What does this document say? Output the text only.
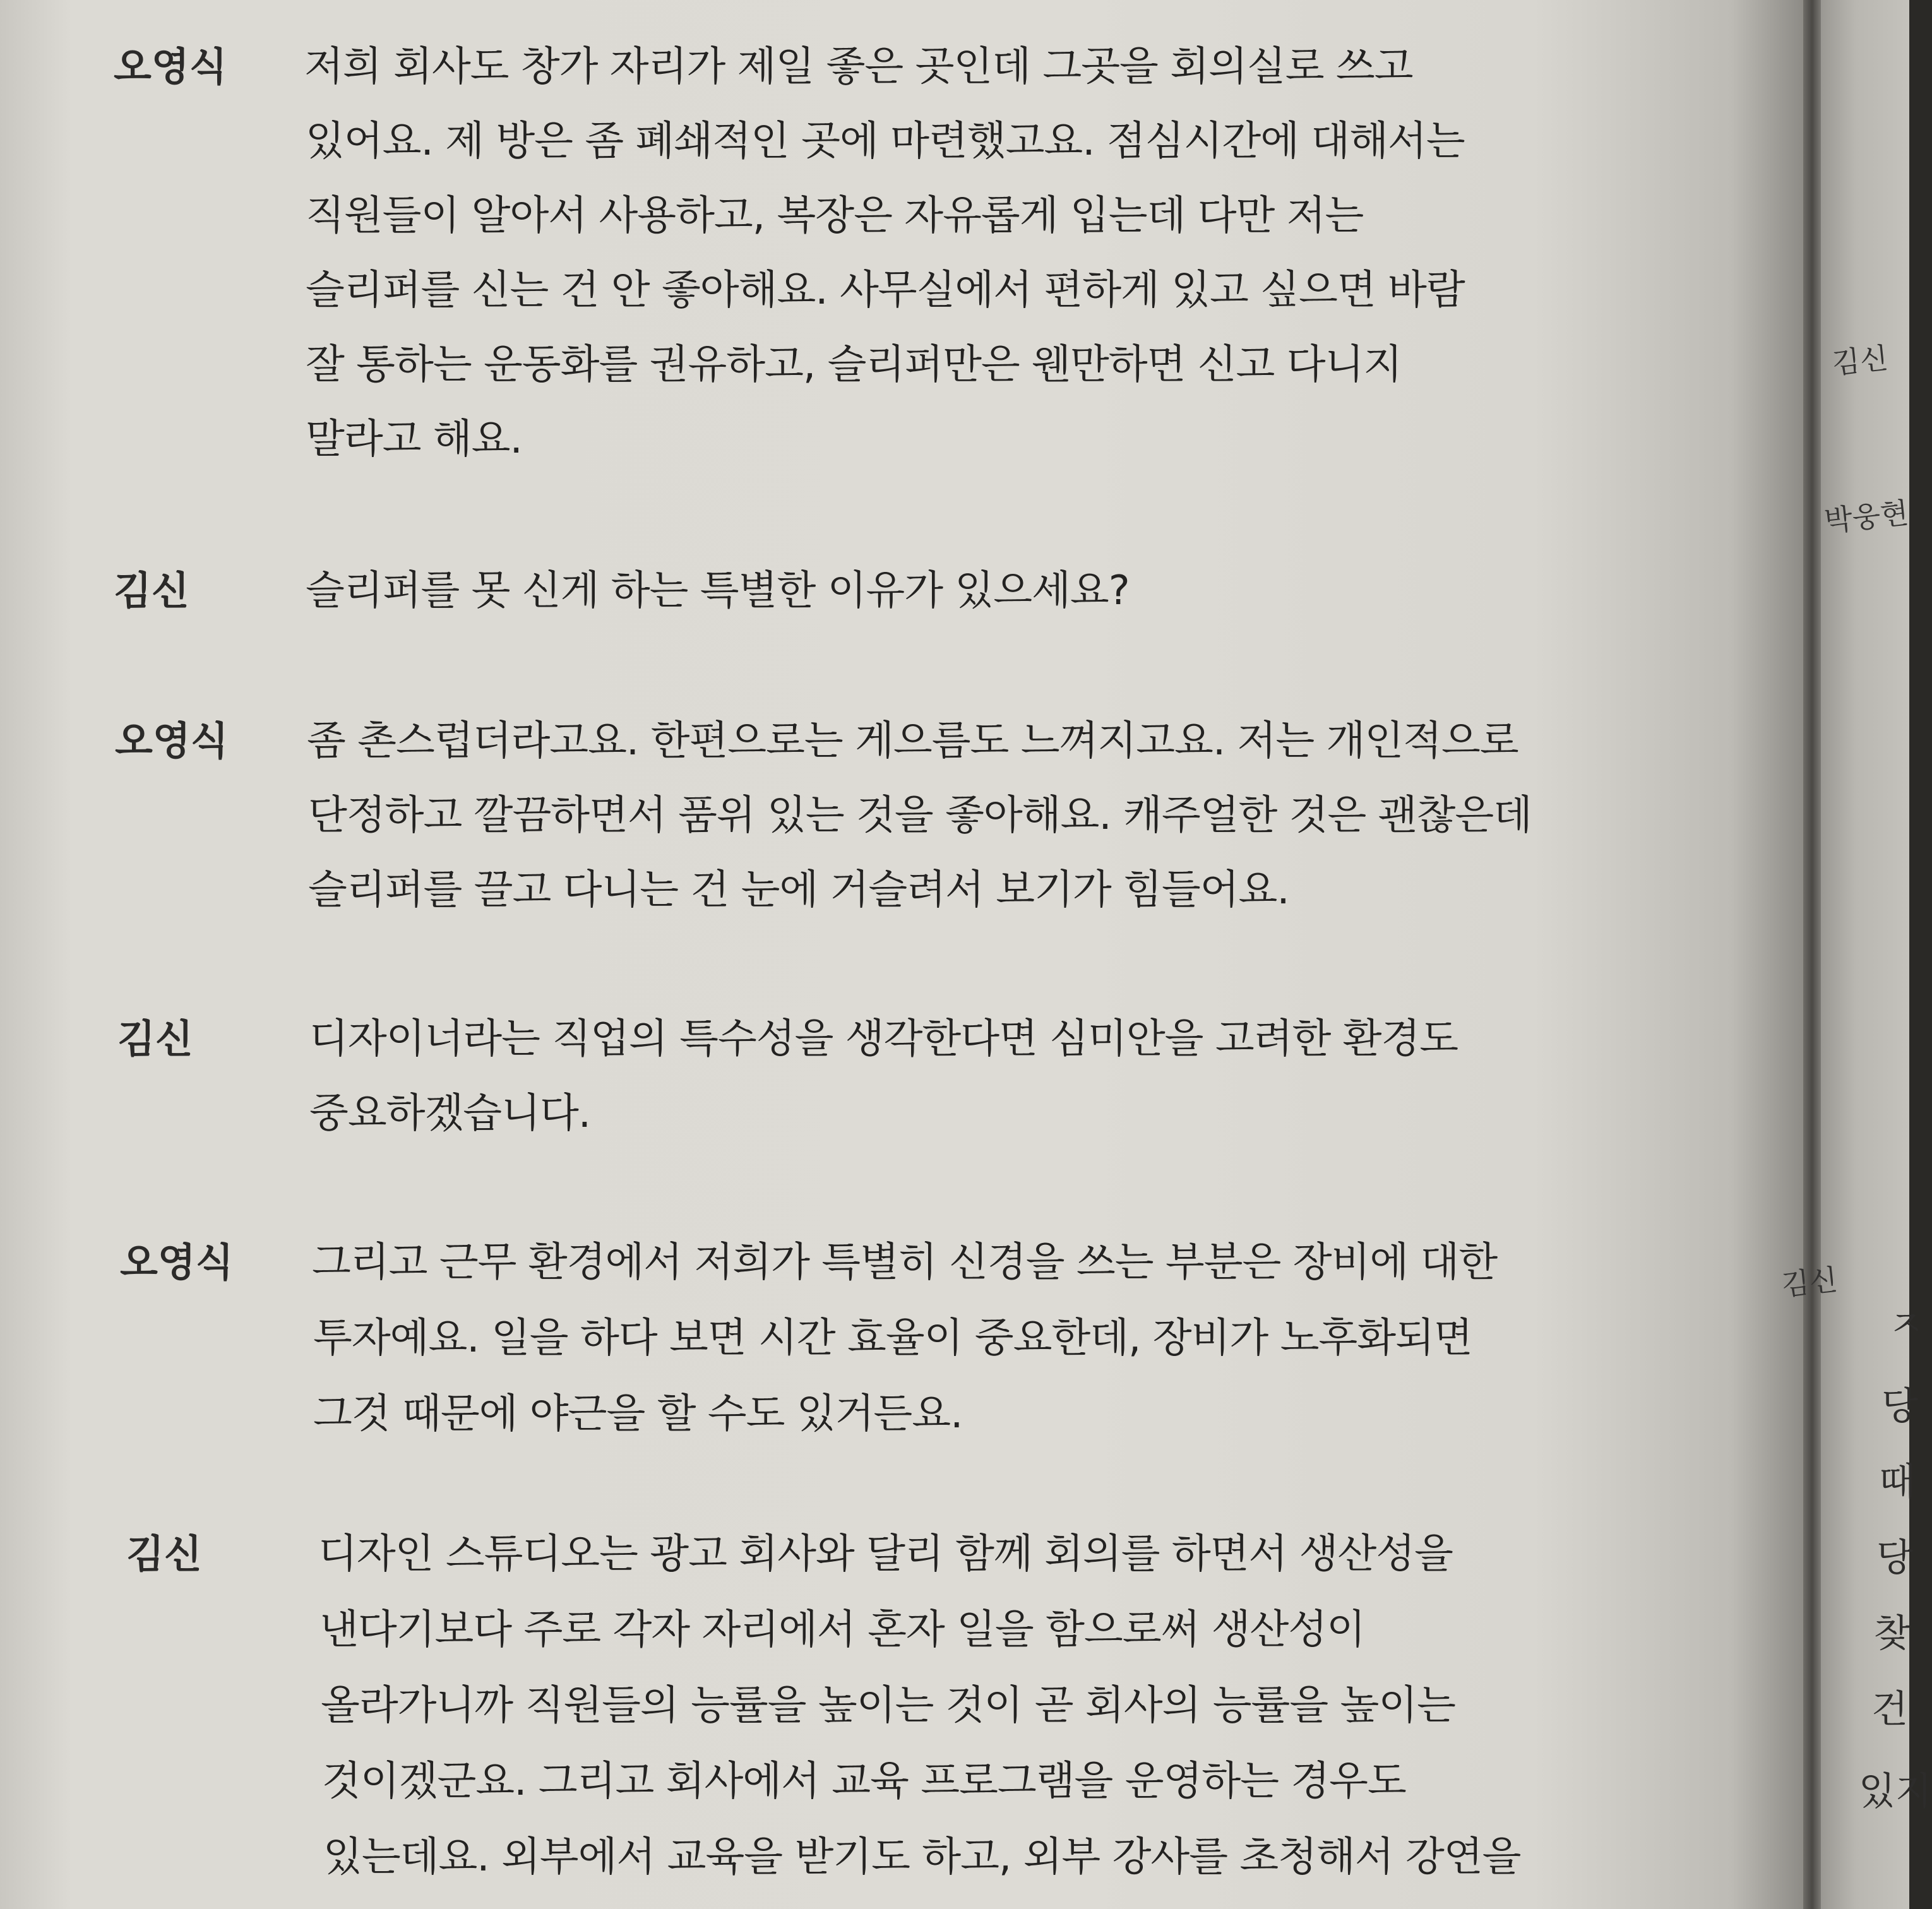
오영식 저희 회사도 창가 자리가 제일 좋은 곳인데 그곳을 회의실로 쓰고
있어요. 제 방은 좀 폐쇄적인 곳에 마련했고요. 점심시간에 대해서는
직원들이 알아서 사용하고, 복장은 자유롭게 입는데 다만 저는
슬리퍼를 신는 건 안 좋아해요. 사무실에서 편하게 있고 싶으면 바람
잘 통하는 운동화를 권유하고, 슬리퍼만은 웬만하면 신고 다니지
말라고 해요.
김신	슬리퍼를 못 신게 하는 특별한 이유가 있으세요?
오영식 좀 촌스럽더라고요. 한편으로는 게으름도 느껴지고요. 저는 개인적으로
단정하고 깔끔하면서 품위 있는 것을 좋아해요. 캐주얼한 것은 괜찮은데
슬리퍼를 끌고 다니는 건 눈에 거슬려서 보기가 힘들어요.
김신	디자이너라는 직업의 특수성을 생각한다면 심미안을 고려한 환경도
중요하겠습니다.
오영식 그리고 근무 환경에서 저희가 특별히 신경을 쓰는 부분은 장비에 대한
투자예요. 일을 하다 보면 시간 효율이 중요한데, 장비가 노후화되면
그것 때문에 야근을 할 수도 있거든요.
김신	디자인 스튜디오는 광고 회사와 달리 함께 회의를 하면서 생산성을
낸다기보다 주로 각자 자리에서 혼자 일을 함으로써 생산성이
올라가니까 직원들의 능률을 높이는 것이 곧 회사의 능률을 높이는
것이겠군요. 그리고 회사에서 교육 프로그램을 운영하는 경우도
있는데요. 외부에서 교육을 받기도 하고, 외부 강사를 초청해서 강연을
김신
박웅현
김신
ㅈ
당
때
당
찾
건
있지
